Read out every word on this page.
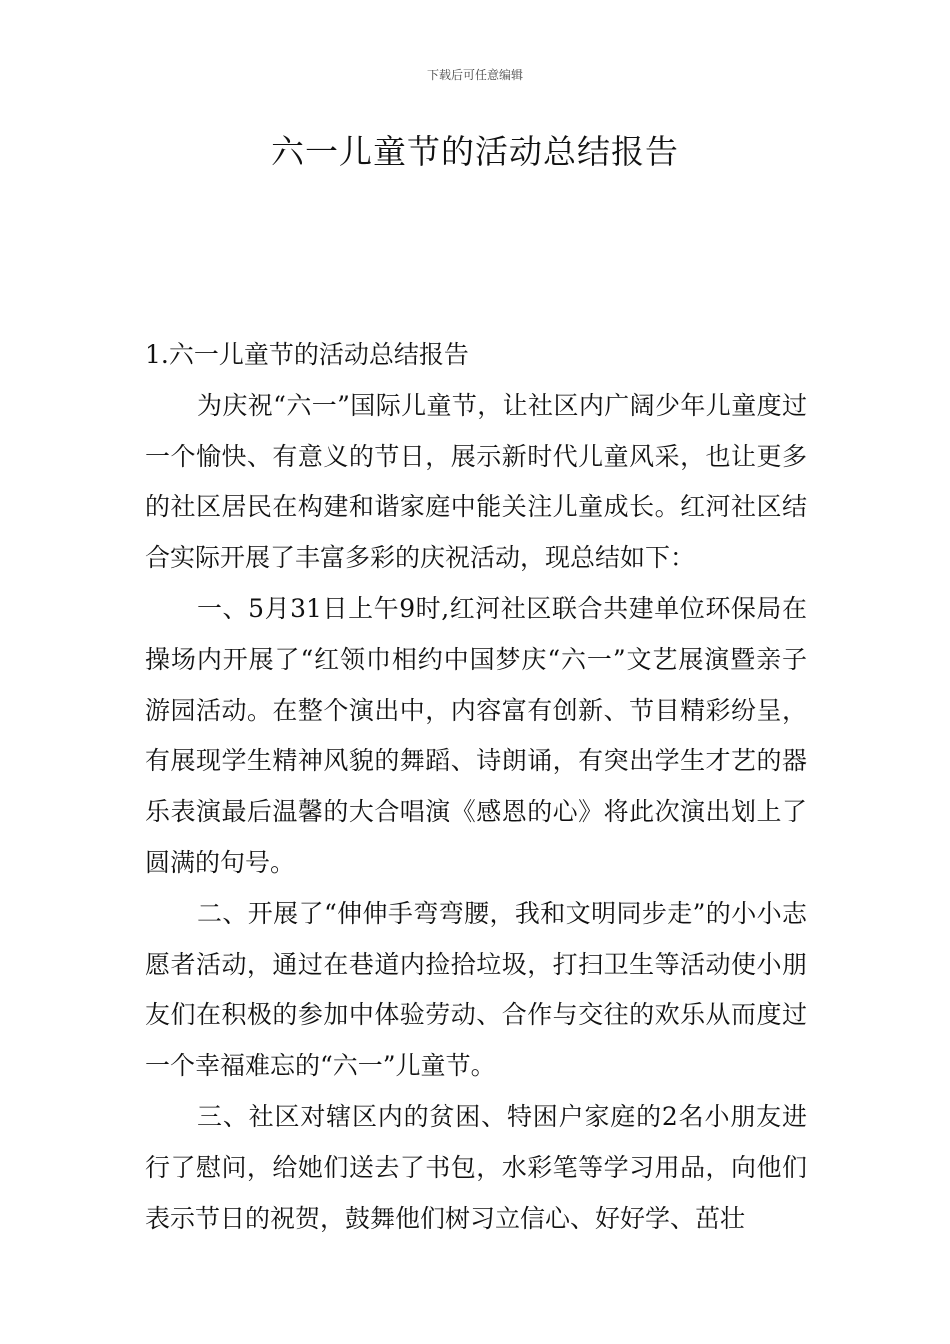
下载后可任意编辑
六一儿童节的活动总结报告

1.六一儿童节的活动总结报告

为庆祝“六一”国际儿童节，让社区内广阔少年儿童度过一个愉快、有意义的节日，展示新时代儿童风采，也让更多的社区居民在构建和谐家庭中能关注儿童成长。红河社区结合实际开展了丰富多彩的庆祝活动，现总结如下：

一、5月31日上午9时,红河社区联合共建单位环保局在操场内开展了“红领巾相约中国梦庆“六一”文艺展演暨亲子游园活动。在整个演出中，内容富有创新、节目精彩纷呈，有展现学生精神风貌的舞蹈、诗朗诵，有突出学生才艺的器乐表演最后温馨的大合唱演《感恩的心》将此次演出划上了圆满的句号。

二、开展了“伸伸手弯弯腰，我和文明同步走”的小小志愿者活动，通过在巷道内捡拾垃圾，打扫卫生等活动使小朋友们在积极的参加中体验劳动、合作与交往的欢乐从而度过一个幸福难忘的“六一”儿童节。

三、社区对辖区内的贫困、特困户家庭的2名小朋友进行了慰问，给她们送去了书包，水彩笔等学习用品，向他们表示节日的祝贺，鼓舞他们树习立信心、好好学、茁壮
